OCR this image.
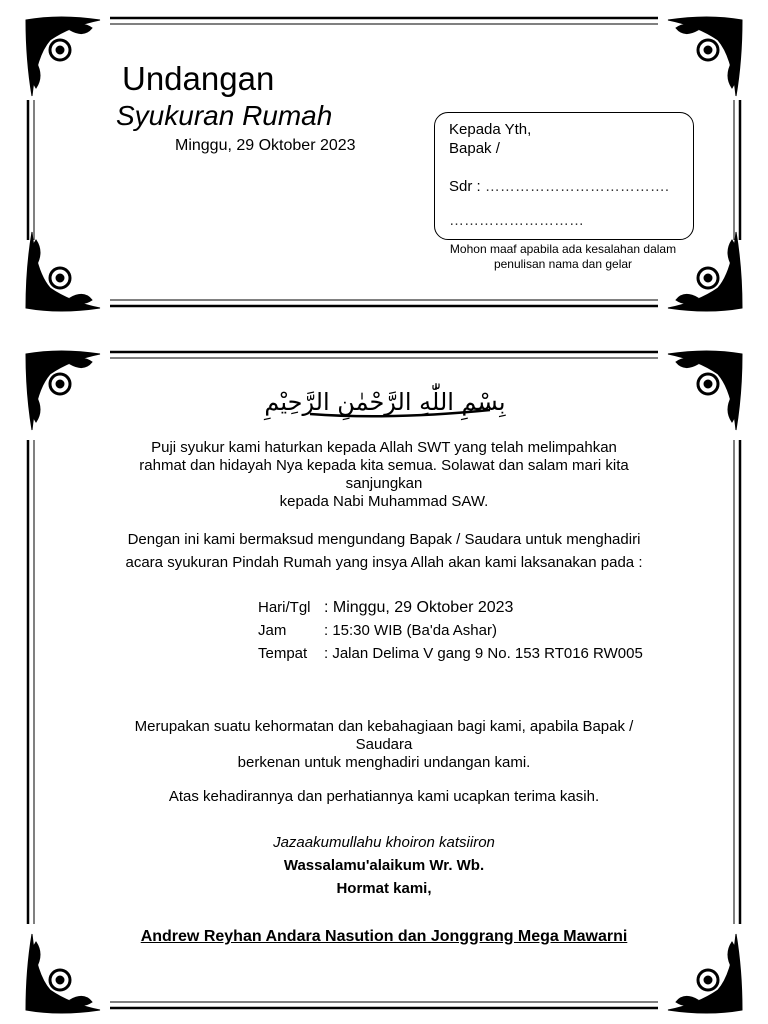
Undangan
Syukuran Rumah
Minggu, 29 Oktober 2023
Kepada Yth,
Bapak /
Sdr : ……………………………….
………………………
Mohon maaf apabila ada kesalahan dalam
penulisan nama dan gelar
بِسْمِ اللّٰهِ الرَّحْمٰنِ الرَّحِيْمِ
Puji syukur kami haturkan kepada Allah SWT yang telah melimpahkan
rahmat dan hidayah Nya kepada kita semua. Solawat dan salam mari kita
sanjungkan
kepada Nabi Muhammad SAW.
Dengan ini kami bermaksud mengundang Bapak / Saudara untuk menghadiri
acara syukuran Pindah Rumah yang insya Allah akan kami laksanakan pada :
Hari/Tgl : Minggu, 29 Oktober 2023
Jam	: 15:30 WIB (Ba'da Ashar)
Tempat	: Jalan Delima V gang 9 No. 153 RT016 RW005
Merupakan suatu kehormatan dan kebahagiaan bagi kami, apabila Bapak /
Saudara
berkenan untuk menghadiri undangan kami.
Atas kehadirannya dan perhatiannya kami ucapkan terima kasih.
Jazaakumullahu khoiron katsiiron
Wassalamu'alaikum Wr. Wb.
Hormat kami,
Andrew Reyhan Andara Nasution dan Jonggrang Mega Mawarni
